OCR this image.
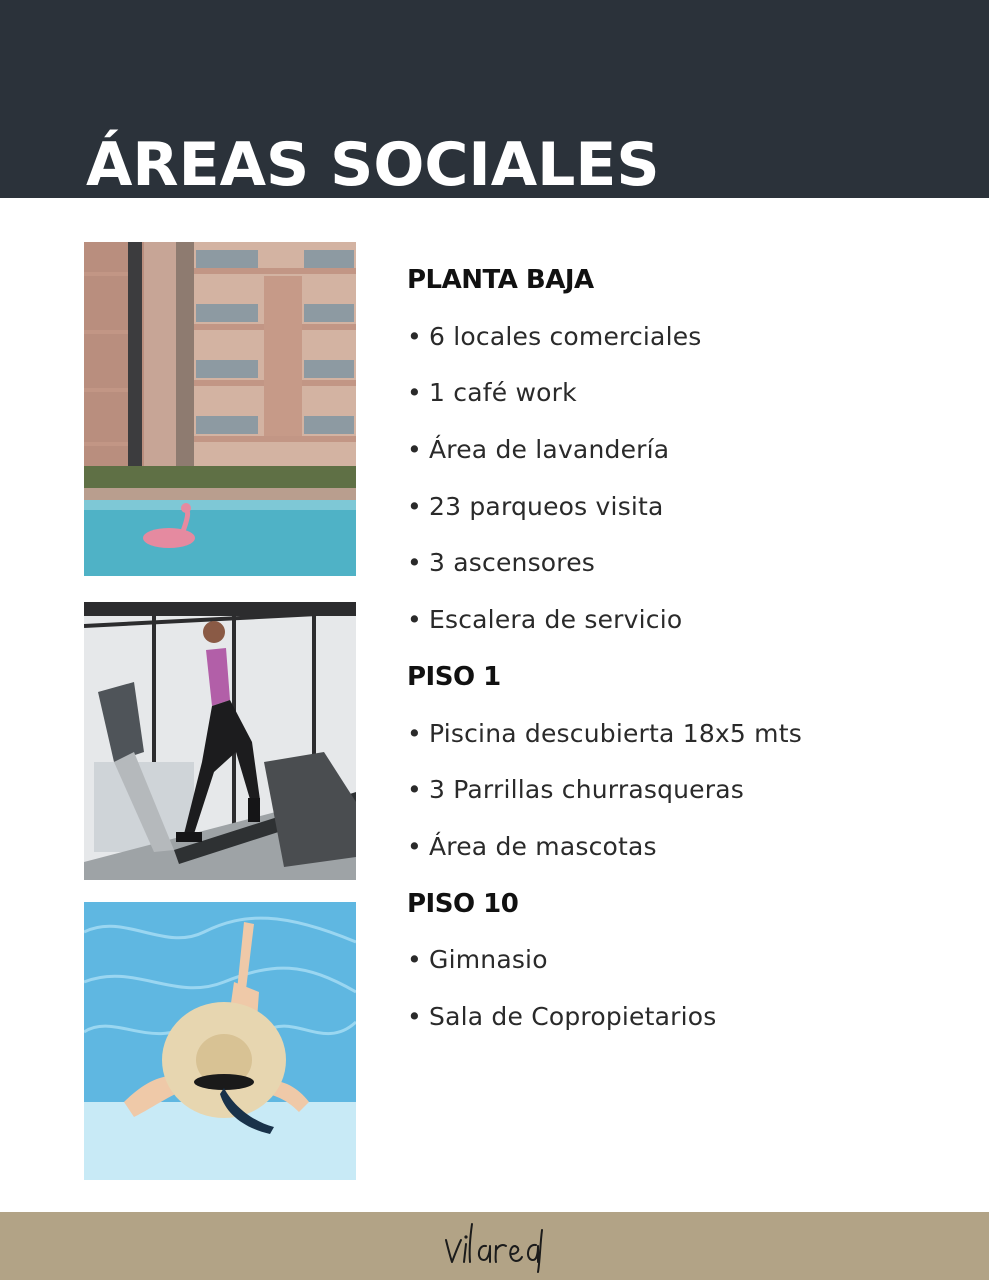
ÁREAS SOCIALES
PLANTA BAJA
• 6 locales comerciales
• 1 café work
• Área de lavandería
• 23 parqueos visita
• 3 ascensores
• Escalera de servicio
PISO 1
• Piscina descubierta 18x5 mts
• 3 Parrillas churrasqueras
• Área de mascotas
PISO 10
• Gimnasio
• Sala de Copropietarios
